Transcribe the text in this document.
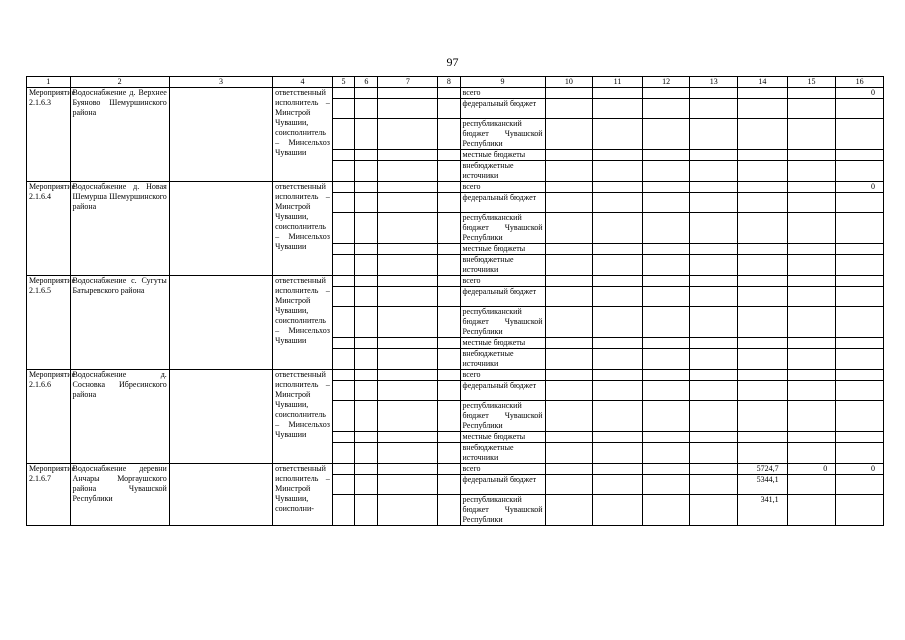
97
1	2	3	4	5	6	7	8	9	10	11	12	13	14	15	16
Мероприятие 2.1.6.3	Водоснабжение д. Верхнее Буяново Шемуршинского района		ответственный исполнитель – Минстрой Чувашии, соисполнитель – Минсельхоз Чувашии					всего							0
								федеральный бюджет							
								республиканский бюджет Чувашской Республики							
								местные бюджеты							
								внебюджетные источники							
Мероприятие 2.1.6.4	Водоснабжение д. Новая Шемурша Шемуршинского района		ответственный исполнитель – Минстрой Чувашии, соисполнитель – Минсельхоз Чувашии					всего							0
								федеральный бюджет							
								республиканский бюджет Чувашской Республики							
								местные бюджеты							
								внебюджетные источники							
Мероприятие 2.1.6.5	Водоснабжение с. Сугуты Батыревского района		ответственный исполнитель – Минстрой Чувашии, соисполнитель – Минсельхоз Чувашии					всего							
								федеральный бюджет							
								республиканский бюджет Чувашской Республики							
								местные бюджеты							
								внебюджетные источники							
Мероприятие 2.1.6.6	Водоснабжение д. Сосновка Ибресинского района		ответственный исполнитель – Минстрой Чувашии, соисполнитель – Минсельхоз Чувашии					всего							
								федеральный бюджет							
								республиканский бюджет Чувашской Республики							
								местные бюджеты							
								внебюджетные источники							
Мероприятие 2.1.6.7	Водоснабжение деревни Анчары Моргаушского района Чувашской Республики		ответственный исполнитель – Минстрой Чувашии, соисполни-					всего					5724,7	0	0
								федеральный бюджет					5344,1		
								республиканский бюджет Чувашской Республики					341,1		
